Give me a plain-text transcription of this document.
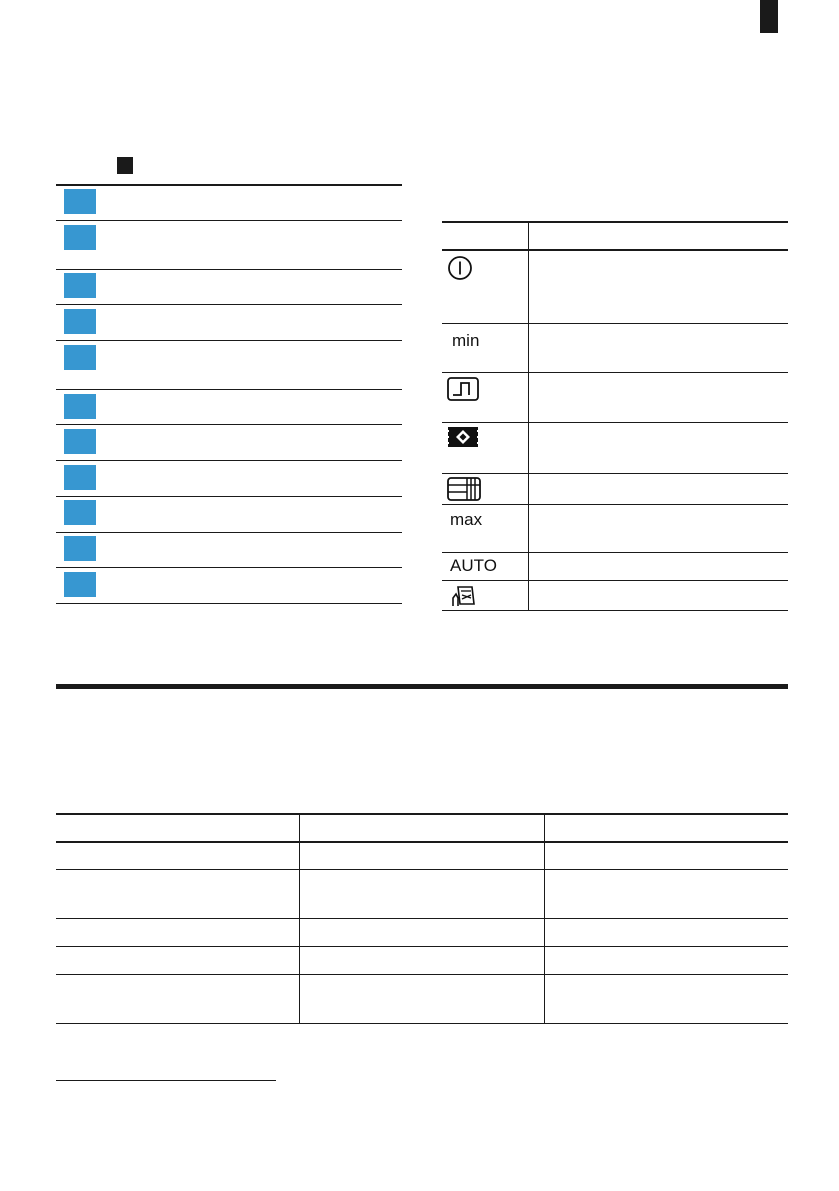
min
max
AUTO
